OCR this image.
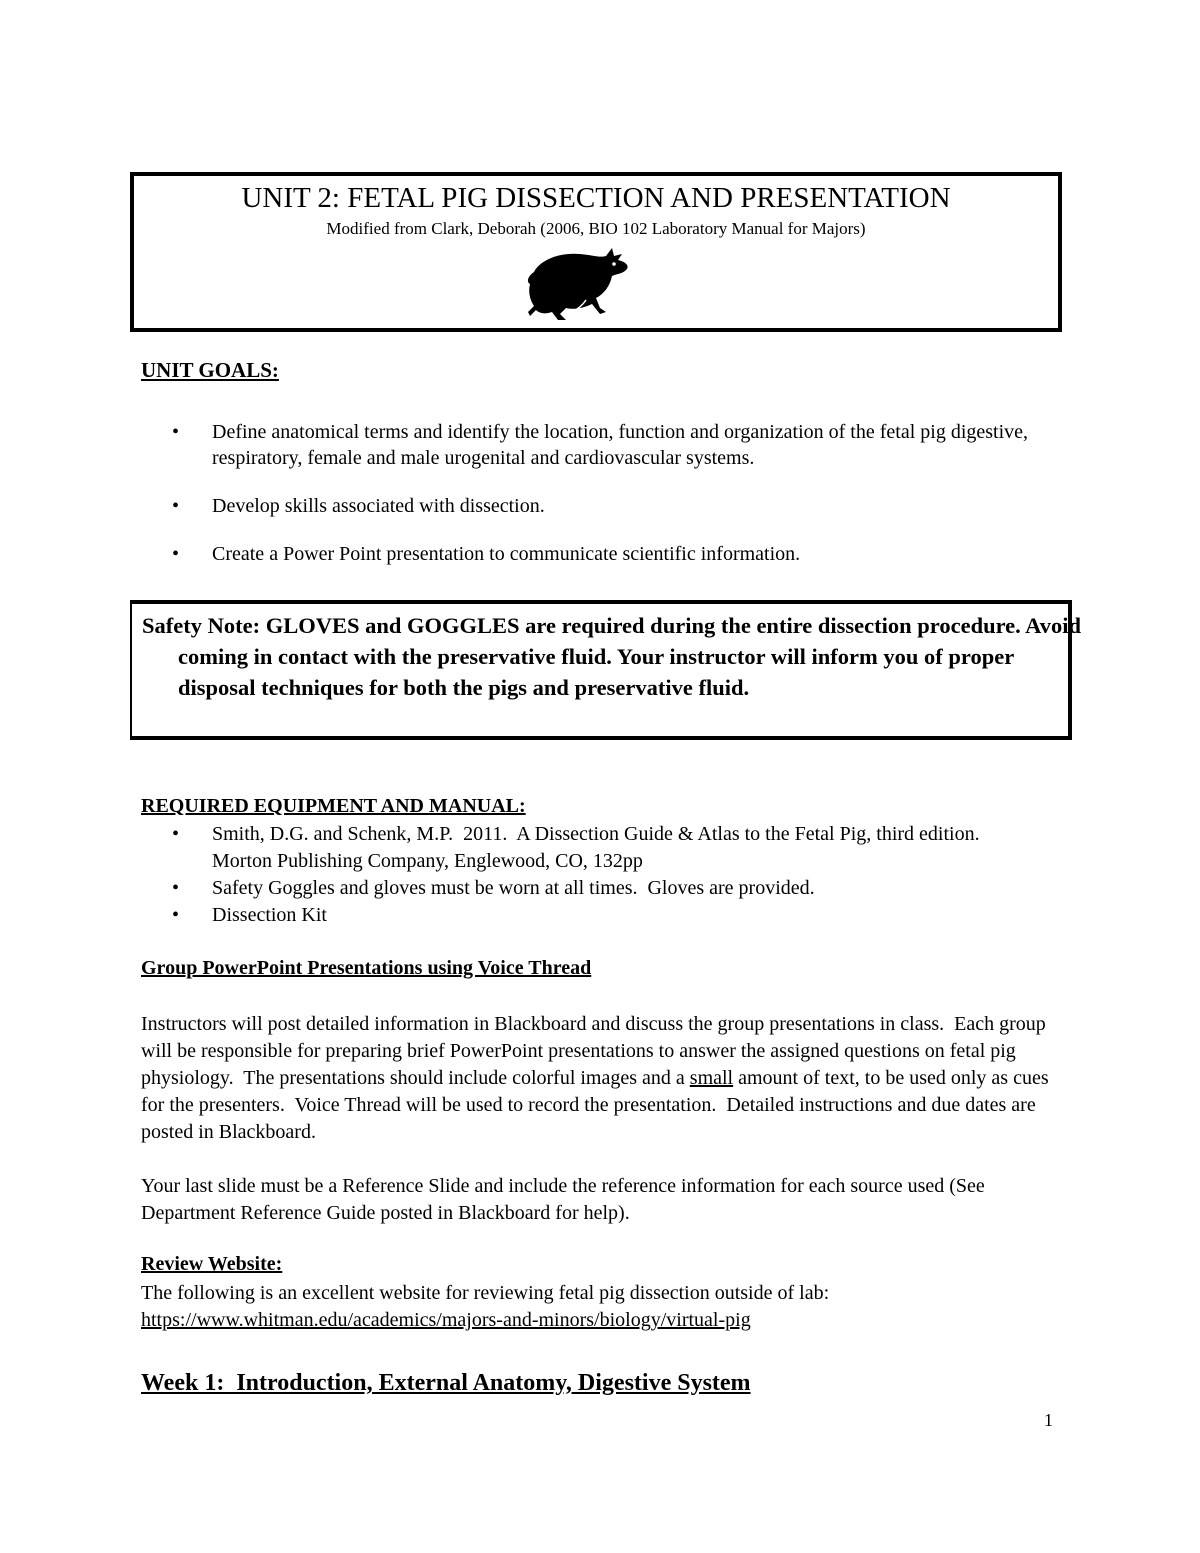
UNIT 2: FETAL PIG DISSECTION AND PRESENTATION
Modified from Clark, Deborah (2006, BIO 102 Laboratory Manual for Majors)
UNIT GOALS:
•	Define anatomical terms and identify the location, function and organization of the fetal pig digestive, respiratory, female and male urogenital and cardiovascular systems.
•	Develop skills associated with dissection.
•	Create a Power Point presentation to communicate scientific information.
Safety Note: GLOVES and GOGGLES are required during the entire dissection procedure. Avoid coming in contact with the preservative fluid. Your instructor will inform you of proper disposal techniques for both the pigs and preservative fluid.
REQUIRED EQUIPMENT AND MANUAL:
•	Smith, D.G. and Schenk, M.P.  2011.  A Dissection Guide & Atlas to the Fetal Pig, third edition.     Morton Publishing Company, Englewood, CO, 132pp
•	Safety Goggles and gloves must be worn at all times.  Gloves are provided.
•	Dissection Kit
Group PowerPoint Presentations using Voice Thread
Instructors will post detailed information in Blackboard and discuss the group presentations in class.  Each group will be responsible for preparing brief PowerPoint presentations to answer the assigned questions on fetal pig physiology.  The presentations should include colorful images and a small amount of text, to be used only as cues for the presenters.  Voice Thread will be used to record the presentation.  Detailed instructions and due dates are posted in Blackboard.
Your last slide must be a Reference Slide and include the reference information for each source used (See Department Reference Guide posted in Blackboard for help).
Review Website:
The following is an excellent website for reviewing fetal pig dissection outside of lab:
https://www.whitman.edu/academics/majors-and-minors/biology/virtual-pig
Week 1:  Introduction, External Anatomy, Digestive System
1
